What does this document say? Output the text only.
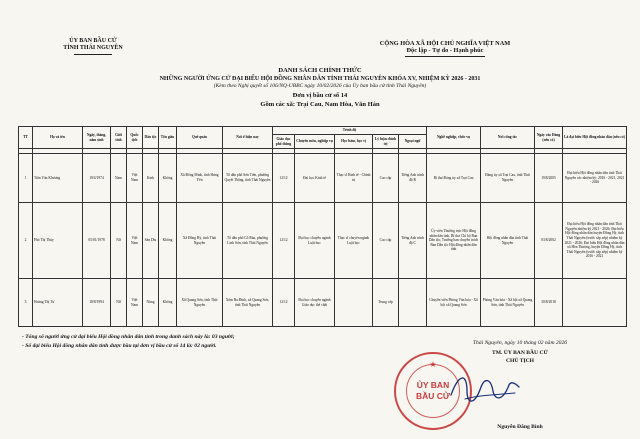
ỦY BAN BẦU CỬ
TỈNH THÁI NGUYÊN
CỘNG HÒA XÃ HỘI CHỦ NGHĨA VIỆT NAM
Độc lập - Tự do - Hạnh phúc
DANH SÁCH CHÍNH THỨC
NHỮNG NGƯỜI ỨNG CỬ ĐẠI BIỂU HỘI ĐỒNG NHÂN DÂN TỈNH THÁI NGUYÊN KHÓA XV, NHIỆM KỲ 2026 - 2031
(Kèm theo Nghị quyết số 106/NQ-UBBC ngày 10/02/2026 của Ủy ban bầu cử tỉnh Thái Nguyên)
Đơn vị bầu cử số 14
Gồm các xã: Trại Cau, Nam Hòa, Văn Hán
TT	Họ và tên	Ngày, tháng, năm sinh	Giới tính	Quốc tịch	Dân tộc	Tôn giáo	Quê quán	Nơi ở hiện nay	Trình độ					Nghề nghiệp, chức vụ	Nơi công tác	Ngày vào Đảng (nếu có)	Là đại biểu Hội đồng nhân dân (nếu có)
									Giáo dục phổ thông	Chuyên môn, nghiệp vụ	Học hàm, học vị	Lý luận chính trị	Ngoại ngữ				

1	Trần Văn Khương	19/4/1974	Nam	Việt Nam	Kinh	Không	Xã Đồng Minh, tỉnh Hưng Yên	Tổ dân phố Sơn Tiến, phường Quyết Thắng, tỉnh Thái Nguyên	12/12	Đại học Kinh tế	Thạc sĩ Kinh tế - Chính trị	Cao cấp	Tiếng Anh trình độ B	Bí thư Đảng ủy xã Trại Cau	Đảng ủy xã Trại Cau, tỉnh Thái Nguyên	19/8/2005	Đại biểu Hội đồng nhân dân tỉnh Thái Nguyên các nhiệm kỳ: 2016 - 2021, 2021 - 2026
2	Phó Thị Thủy	05/01/1978	Nữ	Việt Nam	Sán Dìu	Không	Xã Đồng Hỷ, tỉnh Thái Nguyên	Tổ dân phố Cổ Rùa, phường Linh Sơn, tỉnh Thái Nguyên	12/12	Đại học chuyên ngành Luật học	Thạc sĩ chuyên ngành Luật học	Cao cấp	Tiếng Anh trình độ C	Ủy viên Thường trực Hội đồng nhân dân tỉnh, Bí thư Chi bộ Ban Dân tộc, Trưởng ban chuyên trách Ban Dân tộc Hội đồng nhân dân tỉnh	Hội đồng nhân dân tỉnh Thái Nguyên	03/8/2002	Đại biểu Hội đồng nhân dân tỉnh Thái Nguyên nhiệm kỳ 2021 - 2026; Đại biểu Hội đồng nhân dân huyện Đồng Hỷ, tỉnh Thái Nguyên (trước sắp xếp) nhiệm kỳ 2021 - 2026; Đại biểu Hội đồng nhân dân xã Hòa Thượng, huyện Đồng Hỷ, tỉnh Thái Nguyên (trước sắp xếp) nhiệm kỳ 2016 - 2021
3	Hoàng Thị Tư	18/8/1994	Nữ	Việt Nam	Nùng	Không	Xã Quang Sơn, tỉnh Thái Nguyên	Xóm Ba Đình, xã Quang Sơn, tỉnh Thái Nguyên	12/12	Đại học chuyên ngành Giáo dục thể chất		Trung cấp		Chuyên viên Phòng Văn hóa - Xã hội xã Quang Sơn	Phòng Văn hóa - Xã hội xã Quang Sơn, tỉnh Thái Nguyên	30/8/2018	
- Tổng số người ứng cử đại biểu Hội đồng nhân dân tỉnh trong danh sách này là: 03 người;
- Số đại biểu Hội đồng nhân dân tỉnh được bầu tại đơn vị bầu cử số 14 là: 02 người.	Thái Nguyên, ngày 10 tháng 02 năm 2026
TM. ỦY BAN BẦU CỬ
CHỦ TỊCH
★
ỦY BAN
BẦU CỬ
Nguyễn Đăng Bình
